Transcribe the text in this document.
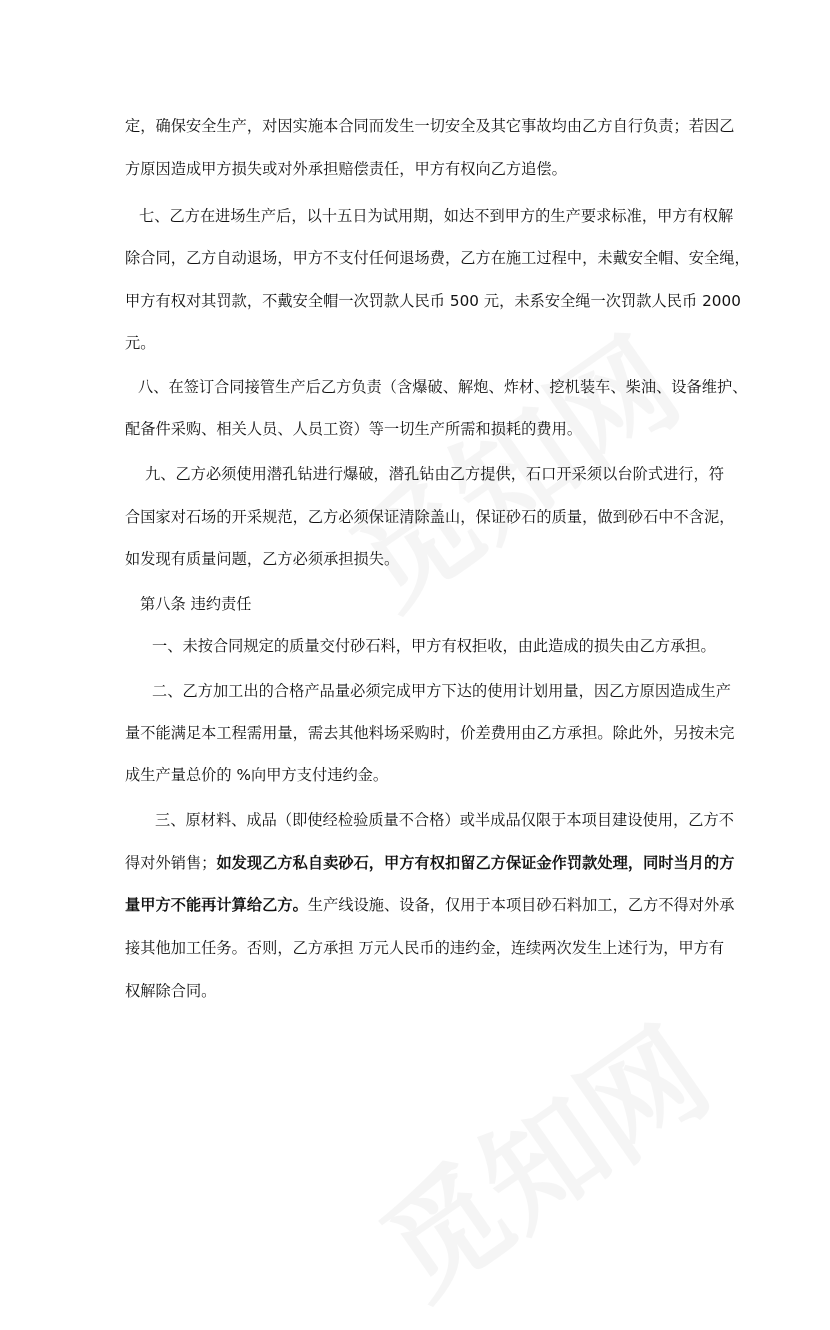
定，确保安全生产，对因实施本合同而发生一切安全及其它事故均由乙方自行负责；若因乙
方原因造成甲方损失或对外承担赔偿责任，甲方有权向乙方追偿。
七、乙方在进场生产后，以十五日为试用期，如达不到甲方的生产要求标准，甲方有权解
除合同，乙方自动退场，甲方不支付任何退场费，乙方在施工过程中，未戴安全帽、安全绳，
甲方有权对其罚款，不戴安全帽一次罚款人民币 500 元，未系安全绳一次罚款人民币 2000
元。
八、在签订合同接管生产后乙方负责（含爆破、解炮、炸材、挖机装车、柴油、设备维护、
配备件采购、相关人员、人员工资）等一切生产所需和损耗的费用。
九、乙方必须使用潜孔钻进行爆破，潜孔钻由乙方提供，石口开采须以台阶式进行，符
合国家对石场的开采规范，乙方必须保证清除盖山，保证砂石的质量，做到砂石中不含泥，
如发现有质量问题，乙方必须承担损失。
第八条 违约责任
一、未按合同规定的质量交付砂石料，甲方有权拒收，由此造成的损失由乙方承担。
二、乙方加工出的合格产品量必须完成甲方下达的使用计划用量，因乙方原因造成生产
量不能满足本工程需用量，需去其他料场采购时，价差费用由乙方承担。除此外，另按未完
成生产量总价的 %向甲方支付违约金。
三、原材料、成品（即使经检验质量不合格）或半成品仅限于本项目建设使用，乙方不
得对外销售；如发现乙方私自卖砂石，甲方有权扣留乙方保证金作罚款处理，同时当月的方
量甲方不能再计算给乙方。生产线设施、设备，仅用于本项目砂石料加工，乙方不得对外承
接其他加工任务。否则，乙方承担 万元人民币的违约金，连续两次发生上述行为，甲方有
权解除合同。
